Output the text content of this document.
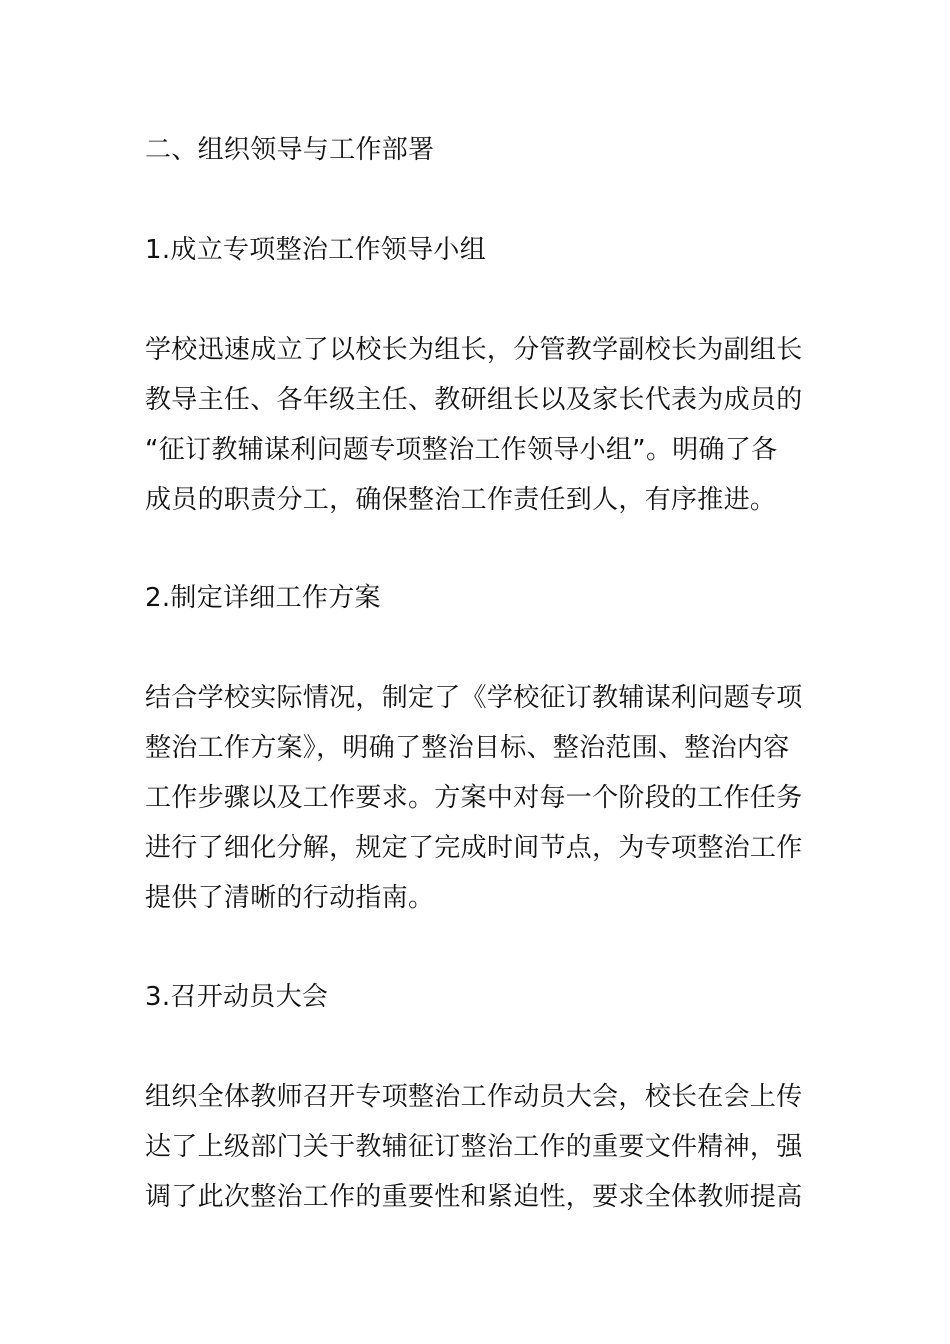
二、组织领导与工作部署

1.成立专项整治工作领导小组

学校迅速成立了以校长为组长，分管教学副校长为副组长

教导主任、各年级主任、教研组长以及家长代表为成员的

“征订教辅谋利问题专项整治工作领导小组”。明确了各

成员的职责分工，确保整治工作责任到人，有序推进。

2.制定详细工作方案

结合学校实际情况，制定了《学校征订教辅谋利问题专项

整治工作方案》，明确了整治目标、整治范围、整治内容

工作步骤以及工作要求。方案中对每一个阶段的工作任务

进行了细化分解，规定了完成时间节点，为专项整治工作

提供了清晰的行动指南。

3.召开动员大会

组织全体教师召开专项整治工作动员大会，校长在会上传

达了上级部门关于教辅征订整治工作的重要文件精神，强

调了此次整治工作的重要性和紧迫性，要求全体教师提高
